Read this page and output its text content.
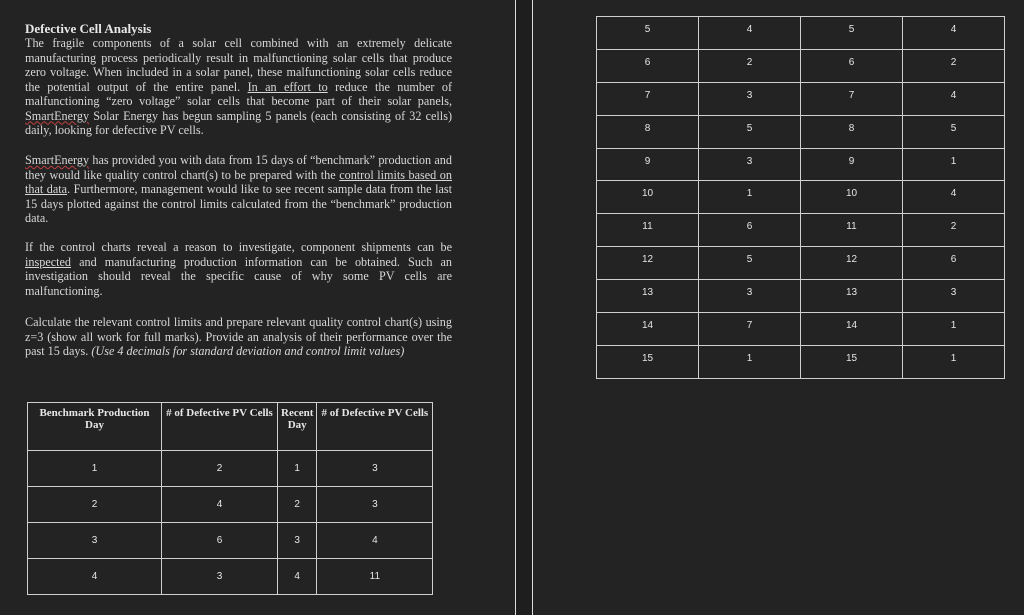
Defective Cell Analysis

The fragile components of a solar cell combined with an extremely delicate manufacturing process periodically result in malfunctioning solar cells that produce zero voltage. When included in a solar panel, these malfunctioning solar cells reduce the potential output of the entire panel. In an effort to reduce the number of malfunctioning “zero voltage” solar cells that become part of their solar panels, SmartEnergy Solar Energy has begun sampling 5 panels (each consisting of 32 cells) daily, looking for defective PV cells.

SmartEnergy has provided you with data from 15 days of “benchmark” production and they would like quality control chart(s) to be prepared with the control limits based on that data. Furthermore, management would like to see recent sample data from the last 15 days plotted against the control limits calculated from the “benchmark” production data.

If the control charts reveal a reason to investigate, component shipments can be inspected and manufacturing production information can be obtained. Such an investigation should reveal the specific cause of why some PV cells are malfunctioning.

Calculate the relevant control limits and prepare relevant quality control chart(s) using z=3 (show all work for full marks). Provide an analysis of their performance over the past 15 days. (Use 4 decimals for standard deviation and control limit values)

Benchmark Production Day	# of Defective PV Cells	Recent Day	# of Defective PV Cells
1	2	1	3
2	4	2	3
3	6	3	4
4	3	4	11
5	4	5	4
6	2	6	2
7	3	7	4
8	5	8	5
9	3	9	1
10	1	10	4
11	6	11	2
12	5	12	6
13	3	13	3
14	7	14	1
15	1	15	1
